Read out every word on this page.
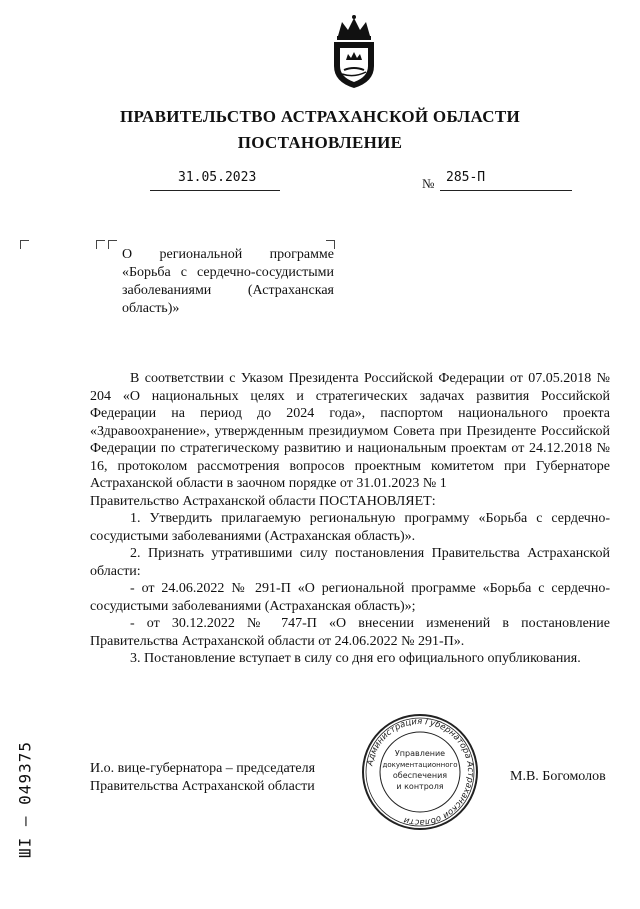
ПРАВИТЕЛЬСТВО АСТРАХАНСКОЙ ОБЛАСТИ
ПОСТАНОВЛЕНИЕ
31.05.2023	№ 285-П
О региональной программе «Борьба с сердечно-сосудистыми заболеваниями (Астраханская область)»

В соответствии с Указом Президента Российской Федерации от 07.05.2018 № 204 «О национальных целях и стратегических задачах развития Российской Федерации на период до 2024 года», паспортом национального проекта «Здравоохранение», утвержденным президиумом Совета при Президенте Российской Федерации по стратегическому развитию и национальным проектам от 24.12.2018 № 16, протоколом рассмотрения вопросов проектным комитетом при Губернаторе Астраханской области в заочном порядке от 31.01.2023 № 1

Правительство Астраханской области ПОСТАНОВЛЯЕТ:

1. Утвердить прилагаемую региональную программу «Борьба с сердечно-сосудистыми заболеваниями (Астраханская область)».

2. Признать утратившими силу постановления Правительства Астраханской области:

- от 24.06.2022 № 291-П «О региональной программе «Борьба с сердечно-сосудистыми заболеваниями (Астраханская область)»;

- от 30.12.2022 № 747-П «О внесении изменений в постановление Правительства Астраханской области от 24.06.2022 № 291-П».

3. Постановление вступает в силу со дня его официального опубликования.

И.о. вице-губернатора – председателя
Правительства Астраханской области
Администрация Губернатора Астраханской области
Управление
документационного
обеспечения
и контроля
М.В. Богомолов
ШI – 049375
